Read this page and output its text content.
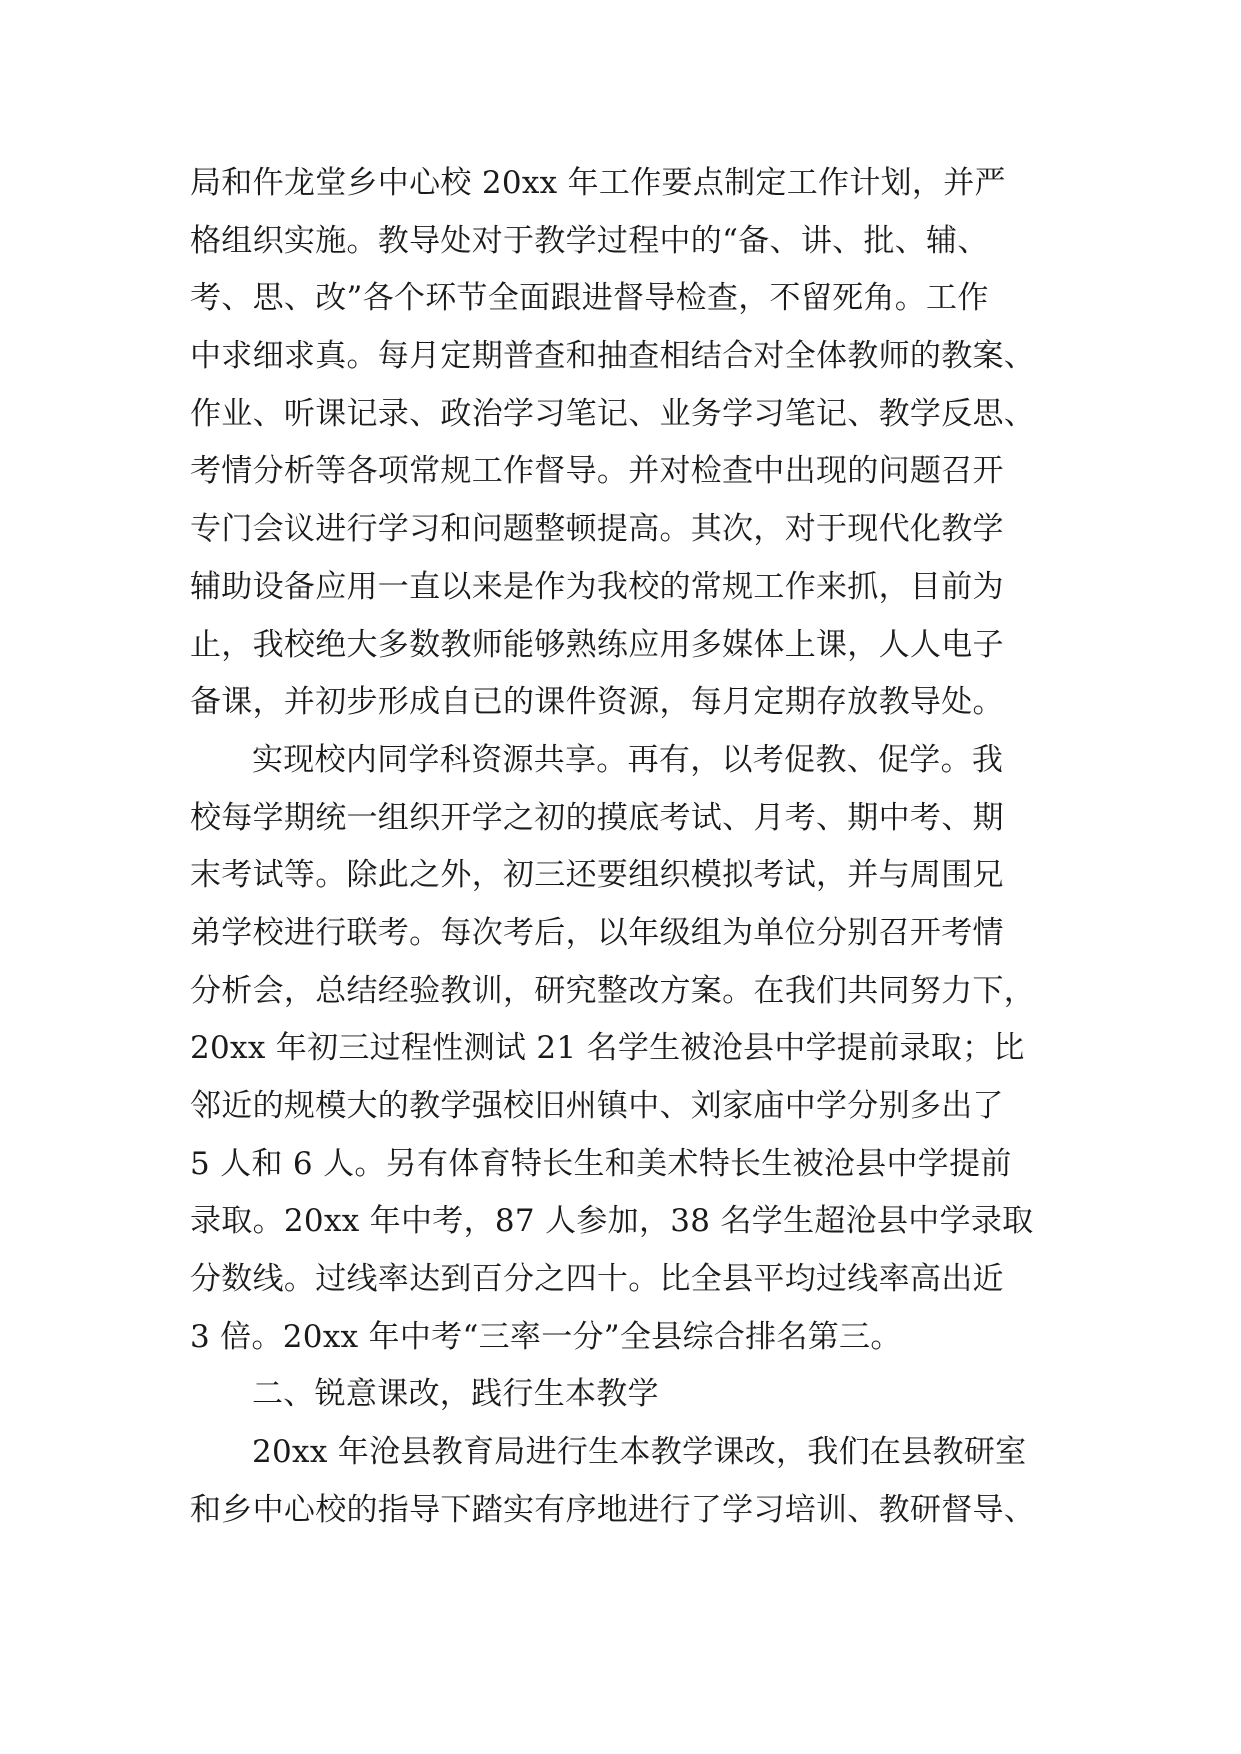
局和仵龙堂乡中心校 20xx 年工作要点制定工作计划，并严
格组织实施。教导处对于教学过程中的“备、讲、批、辅、
考、思、改”各个环节全面跟进督导检查，不留死角。工作
中求细求真。每月定期普查和抽查相结合对全体教师的教案、
作业、听课记录、政治学习笔记、业务学习笔记、教学反思、
考情分析等各项常规工作督导。并对检查中出现的问题召开
专门会议进行学习和问题整顿提高。其次，对于现代化教学
辅助设备应用一直以来是作为我校的常规工作来抓，目前为
止，我校绝大多数教师能够熟练应用多媒体上课，人人电子
备课，并初步形成自已的课件资源，每月定期存放教导处。
实现校内同学科资源共享。再有，以考促教、促学。我
校每学期统一组织开学之初的摸底考试、月考、期中考、期
末考试等。除此之外，初三还要组织模拟考试，并与周围兄
弟学校进行联考。每次考后，以年级组为单位分别召开考情
分析会，总结经验教训，研究整改方案。在我们共同努力下，
20xx 年初三过程性测试 21 名学生被沧县中学提前录取；比
邻近的规模大的教学强校旧州镇中、刘家庙中学分别多出了
5 人和 6 人。另有体育特长生和美术特长生被沧县中学提前
录取。20xx 年中考，87 人参加，38 名学生超沧县中学录取
分数线。过线率达到百分之四十。比全县平均过线率高出近
3 倍。20xx 年中考“三率一分”全县综合排名第三。
二、锐意课改，践行生本教学
20xx 年沧县教育局进行生本教学课改，我们在县教研室
和乡中心校的指导下踏实有序地进行了学习培训、教研督导、
